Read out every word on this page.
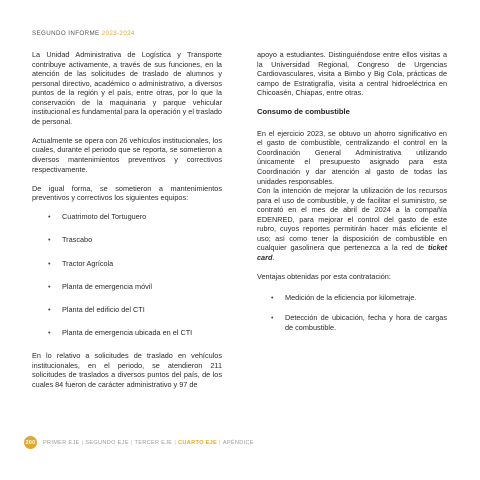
SEGUNDO INFORME 2023-2024

La Unidad Administrativa de Logística y Transporte contribuye activamente, a través de sus funciones, en la atención de las solicitudes de traslado de alumnos y personal directivo, académico o administrativo, a diversos puntos de la región y el país, entre otras, por lo que la conservación de la maquinaria y parque vehicular institucional es fundamental para la operación y el traslado de personal.

Actualmente se opera con 26 vehículos institucionales, los cuales, durante el periodo que se reporta, se sometieron a diversos mantenimientos preventivos y correctivos respectivamente.

De igual forma, se sometieron a mantenimientos preventivos y correctivos los siguientes equipos:

• Cuatrimoto del Tortuguero
• Trascabo
• Tractor Agrícola
• Planta de emergencia móvil
• Planta del edificio del CTI
• Planta de emergencia ubicada en el CTI

En lo relativo a solicitudes de traslado en vehículos institucionales, en el periodo, se atendieron 211 solicitudes de traslados a diversos puntos del país, de los cuales 84 fueron de carácter administrativo y 97 de

apoyo a estudiantes. Distinguiéndose entre ellos visitas a la Universidad Regional, Congreso de Urgencias Cardiovasculares, visita a Bimbo y Big Cola, prácticas de campo de Estratigrafía, visita a central hidroeléctrica en Chicoasén, Chiapas, entre otras.

Consumo de combustible

En el ejercicio 2023, se obtuvo un ahorro significativo en el gasto de combustible, centralizando el control en la Coordinación General Administrativa utilizando únicamente el presupuesto asignado para esta Coordinación y dar atención al gasto de todas las unidades responsables.

Con la intención de mejorar la utilización de los recursos para el uso de combustible, y de facilitar el suministro, se contrató en el mes de abril de 2024 a la compañía EDENRED, para mejorar el control del gasto de este rubro, cuyos reportes permitirán hacer más eficiente el uso; así como tener la disposición de combustible en cualquier gasolinera que pertenezca a la red de ticket card.

Ventajas obtenidas por esta contratación:

• Medición de la eficiencia por kilometraje.
• Detección de ubicación, fecha y hora de cargas de combustible.
200 PRIMER EJE | SEGUNDO EJE | TERCER EJE | CUARTO EJE | APÉNDICE
